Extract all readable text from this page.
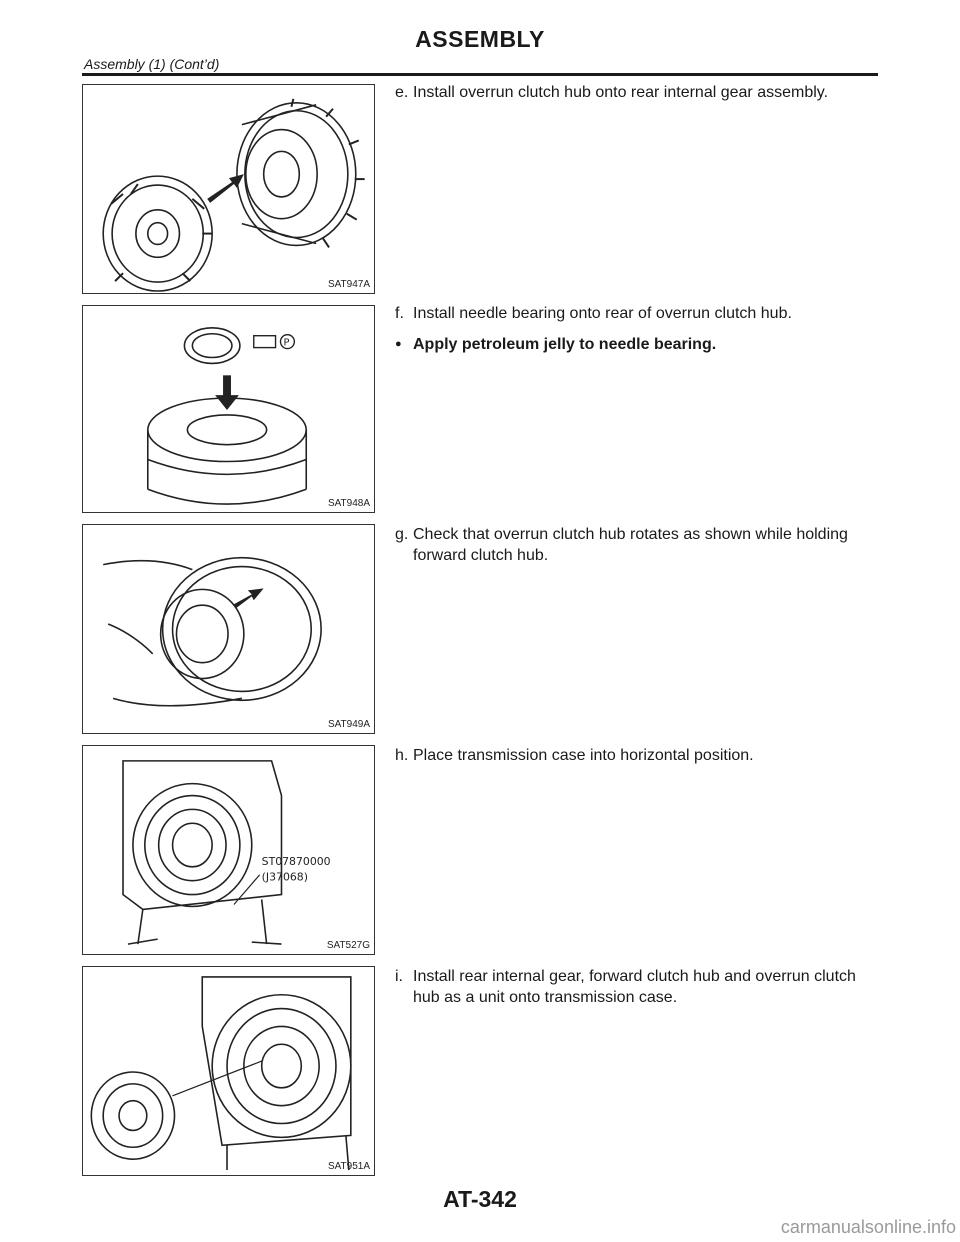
ASSEMBLY
Assembly (1) (Cont’d)
SAT947A
P
SAT948A
SAT949A
ST07870000
(J37068)
SAT527G
SAT951A
e. Install overrun clutch hub onto rear internal gear assembly.
f. Install needle bearing onto rear of overrun clutch hub.
● Apply petroleum jelly to needle bearing.
g. Check that overrun clutch hub rotates as shown while holding forward clutch hub.
h. Place transmission case into horizontal position.
i. Install rear internal gear, forward clutch hub and overrun clutch hub as a unit onto transmission case.
AT-342
carmanualsonline.info
